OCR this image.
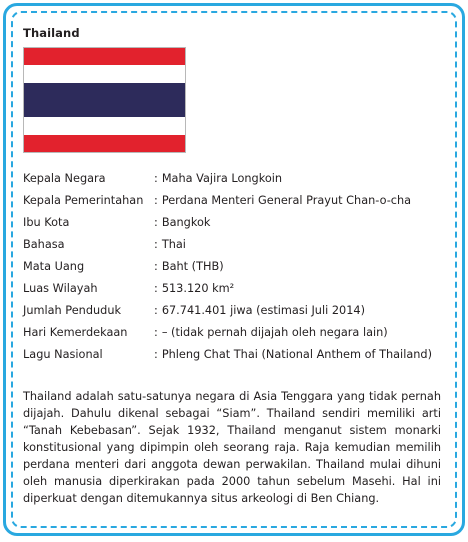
Thailand
Kepala Negara	: Maha Vajira Longkoin
Kepala Pemerintahan : Perdana Menteri General Prayut Chan-o-cha
Ibu Kota	: Bangkok
Bahasa	: Thai
Mata Uang	: Baht (THB)
Luas Wilayah	: 513.120 km²
Jumlah Penduduk	: 67.741.401 jiwa (estimasi Juli 2014)
Hari Kemerdekaan : – (tidak pernah dijajah oleh negara lain)
Lagu Nasional	: Phleng Chat Thai (National Anthem of Thailand)

Thailand adalah satu-satunya negara di Asia Tenggara yang tidak pernah dijajah. Dahulu dikenal sebagai “Siam”. Thailand sendiri memiliki arti “Tanah Kebebasan”. Sejak 1932, Thailand menganut sistem monarki konstitusional yang dipimpin oleh seorang raja. Raja kemudian memilih perdana menteri dari anggota dewan perwakilan. Thailand mulai dihuni oleh manusia diperkirakan pada 2000 tahun sebelum Masehi. Hal ini diperkuat dengan ditemukannya situs arkeologi di Ben Chiang.
